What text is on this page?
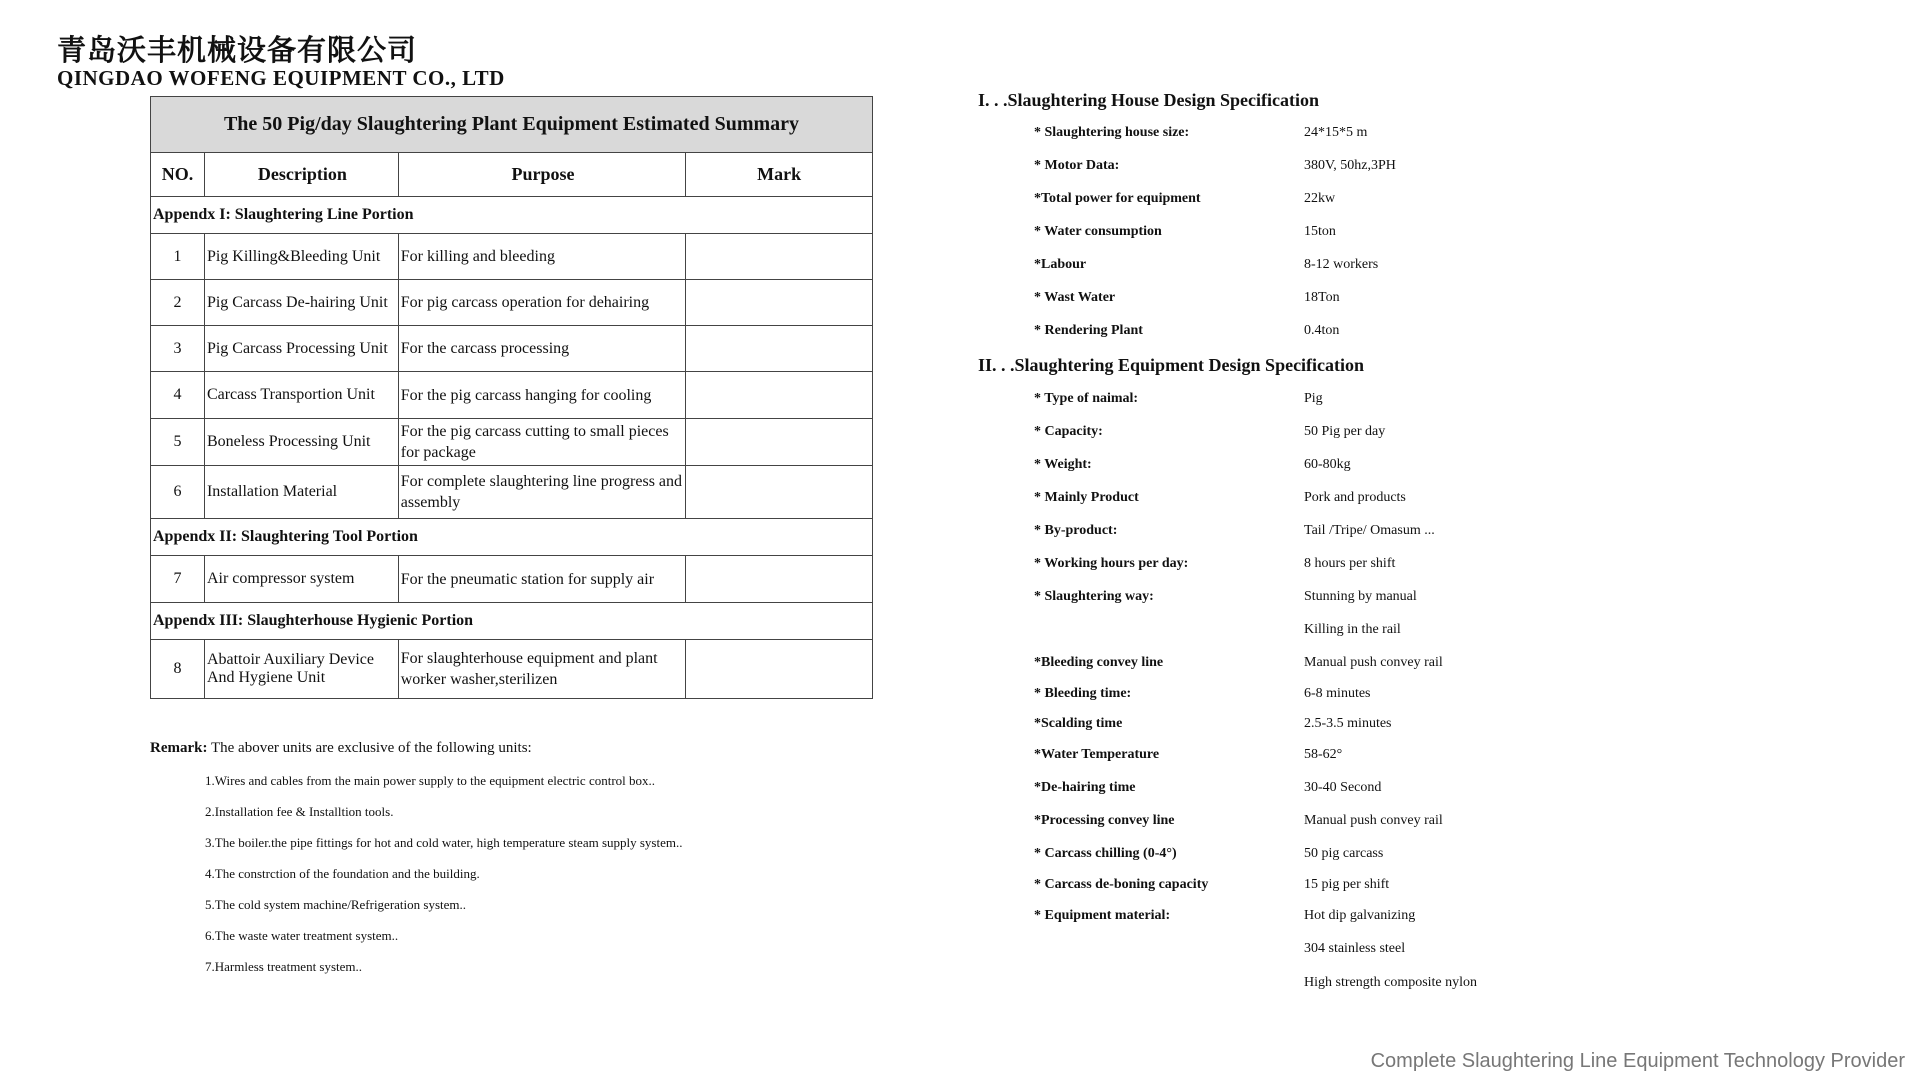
青岛沃丰机械设备有限公司
QINGDAO WOFENG EQUIPMENT CO., LTD
The 50 Pig/day Slaughtering Plant Equipment Estimated Summary			
NO.	Description	Purpose	Mark
Appendx I: Slaughtering Line Portion			
1	Pig Killing&Bleeding Unit	For killing and bleeding	
2	Pig Carcass De-hairing Unit	For pig carcass operation for dehairing	
3	Pig Carcass Processing Unit	For the carcass processing	
4	Carcass Transportion Unit	For the pig carcass hanging for cooling	
5	Boneless Processing Unit	For the pig carcass cutting to small pieces for package	
6	Installation Material	For complete slaughtering line progress and assembly	
Appendx II: Slaughtering Tool Portion			
7	Air compressor system	For the pneumatic station for supply air	
Appendx III: Slaughterhouse Hygienic Portion			
8	Abattoir Auxiliary Device And Hygiene Unit	For slaughterhouse equipment and plant worker washer,sterilizen	
Remark: The abover units are exclusive of the following units:
1.Wires and cables from the main power supply to the equipment electric control box..
2.Installation fee & Installtion tools.
3.The boiler.the pipe fittings for hot and cold water, high temperature steam supply system..
4.The constrction of the foundation and the building.
5.The cold system machine/Refrigeration system..
6.The waste water treatment system..
7.Harmless treatment system..
I. . .Slaughtering House Design Specification
* Slaughtering house size:	24*15*5 m
* Motor Data:	380V, 50hz,3PH
*Total power for equipment	22kw
* Water consumption	15ton
*Labour	8-12 workers
* Wast Water	18Ton
* Rendering Plant	0.4ton
II. . .Slaughtering Equipment Design Specification
* Type of naimal:	Pig
* Capacity:	50 Pig per day
* Weight:	60-80kg
* Mainly Product	Pork and products
* By-product:	Tail /Tripe/ Omasum ...
* Working hours per day:	8 hours per shift
* Slaughtering way:	Stunning by manual
Killing in the rail
*Bleeding convey line	Manual push convey rail
* Bleeding time:	6-8 minutes
*Scalding time	2.5-3.5 minutes
*Water Temperature	58-62°
*De-hairing time	30-40 Second
*Processing convey line	Manual push convey rail
* Carcass chilling (0-4°)	50 pig carcass
* Carcass de-boning capacity	15 pig per shift
* Equipment material:	Hot dip galvanizing
304 stainless steel
High strength composite nylon
Complete Slaughtering Line Equipment Technology Provider
